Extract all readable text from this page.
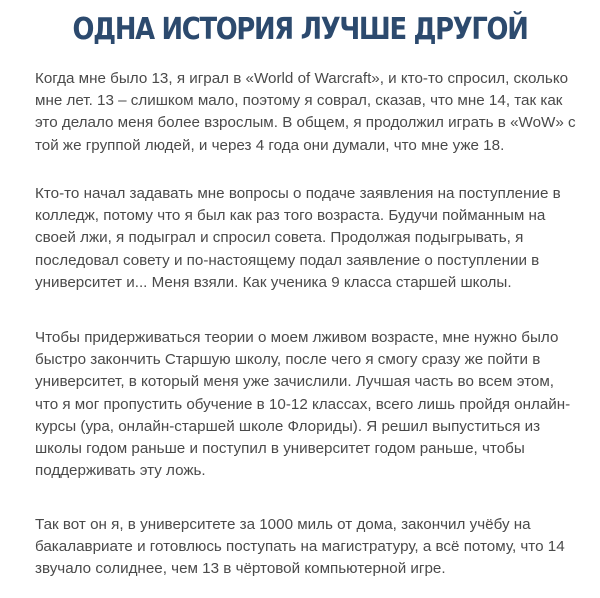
ОДНА ИСТОРИЯ ЛУЧШЕ ДРУГОЙ

Когда мне было 13, я играл в «World of Warcraft», и кто-то спросил, сколько
мне лет. 13 – слишком мало, поэтому я соврал, сказав, что мне 14, так как
это делало меня более взрослым. В общем, я продолжил играть в «WoW» с
той же группой людей, и через 4 года они думали, что мне уже 18.

Кто-то начал задавать мне вопросы о подаче заявления на поступление в
колледж, потому что я был как раз того возраста. Будучи пойманным на
своей лжи, я подыграл и спросил совета. Продолжая подыгрывать, я
последовал совету и по-настоящему подал заявление о поступлении в
университет и... Меня взяли. Как ученика 9 класса старшей школы.

Чтобы придерживаться теории о моем лживом возрасте, мне нужно было
быстро закончить Старшую школу, после чего я смогу сразу же пойти в
университет, в который меня уже зачислили. Лучшая часть во всем этом,
что я мог пропустить обучение в 10-12 классах, всего лишь пройдя онлайн-
курсы (ура, онлайн-старшей школе Флориды). Я решил выпуститься из
школы годом раньше и поступил в университет годом раньше, чтобы
поддерживать эту ложь.

Так вот он я, в университете за 1000 миль от дома, закончил учёбу на
бакалавриате и готовлюсь поступать на магистратуру, а всё потому, что 14
звучало солиднее, чем 13 в чёртовой компьютерной игре.
